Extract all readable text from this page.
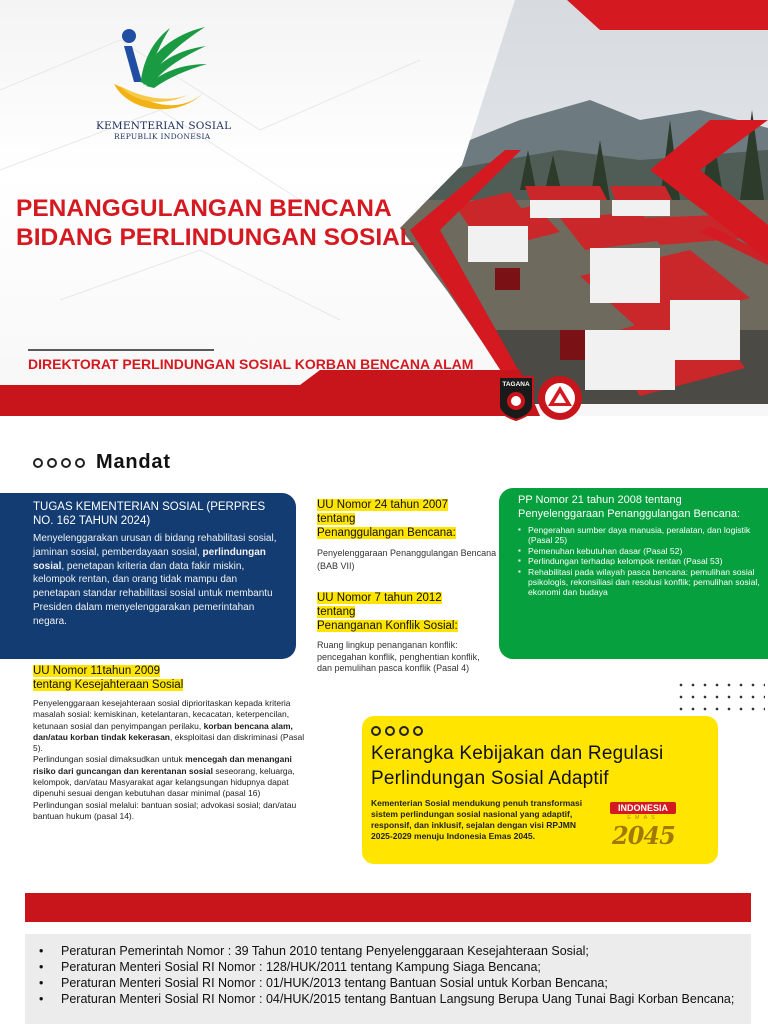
KEMENTERIAN SOSIAL
REPUBLIK INDONESIA
PENANGGULANGAN BENCANA
BIDANG PERLINDUNGAN SOSIAL
DIREKTORAT PERLINDUNGAN SOSIAL KORBAN BENCANA ALAM
TAGANA
Mandat
TUGAS KEMENTERIAN SOSIAL (PERPRES NO. 162 TAHUN 2024)
Menyelenggarakan urusan di bidang rehabilitasi sosial, jaminan sosial, pemberdayaan sosial, perlindungan sosial, penetapan kriteria dan data fakir miskin, kelompok rentan, dan orang tidak mampu dan penetapan standar rehabilitasi sosial untuk membantu Presiden dalam menyelenggarakan pemerintahan negara.
UU Nomor 24 tahun 2007
tentang
Penanggulangan Bencana:
Penyelenggaraan Penanggulangan Bencana (BAB VII)
UU Nomor 7 tahun 2012
tentang
Penanganan Konflik Sosial:
Ruang lingkup penanganan konflik: pencegahan konflik, penghentian konflik, dan pemulihan pasca konflik (Pasal 4)
PP Nomor 21 tahun 2008 tentang Penyelenggaraan Penanggulangan Bencana:
▪ Pengerahan sumber daya manusia, peralatan, dan logistik (Pasal 25)
▪ Pemenuhan kebutuhan dasar (Pasal 52)
▪ Perlindungan terhadap kelompok rentan (Pasal 53)
▪ Rehabilitasi pada wilayah pasca bencana: pemulihan sosial psikologis, rekonsiliasi dan resolusi konflik; pemulihan sosial, ekonomi dan budaya
UU Nomor 11tahun 2009
tentang Kesejahteraan Sosial
Penyelenggaraan kesejahteraan sosial diprioritaskan kepada kriteria masalah sosial: kemiskinan, ketelantaran, kecacatan, keterpencilan, ketunaan sosial dan penyimpangan perilaku, korban bencana alam, dan/atau korban tindak kekerasan, eksploitasi dan diskriminasi (Pasal 5).
Perlindungan sosial dimaksudkan untuk mencegah dan menangani risiko dari guncangan dan kerentanan sosial seseorang, keluarga, kelompok, dan/atau Masyarakat agar kelangsungan hidupnya dapat dipenuhi sesuai dengan kebutuhan dasar minimal (pasal 16)
Perlindungan sosial melalui: bantuan sosial; advokasi sosial; dan/atau bantuan hukum (pasal 14).
Kerangka Kebijakan dan Regulasi Perlindungan Sosial Adaptif
Kementerian Sosial mendukung penuh transformasi sistem perlindungan sosial nasional yang adaptif, responsif, dan inklusif, sejalan dengan visi RPJMN 2025-2029 menuju Indonesia Emas 2045.
INDONESIA
EMAS
2045
• Peraturan Pemerintah Nomor : 39 Tahun 2010 tentang Penyelenggaraan Kesejahteraan Sosial;
• Peraturan Menteri Sosial RI Nomor : 128/HUK/2011 tentang Kampung Siaga Bencana;
• Peraturan Menteri Sosial RI Nomor : 01/HUK/2013 tentang Bantuan Sosial untuk Korban Bencana;
• Peraturan Menteri Sosial RI Nomor : 04/HUK/2015 tentang Bantuan Langsung Berupa Uang Tunai Bagi Korban Bencana;
